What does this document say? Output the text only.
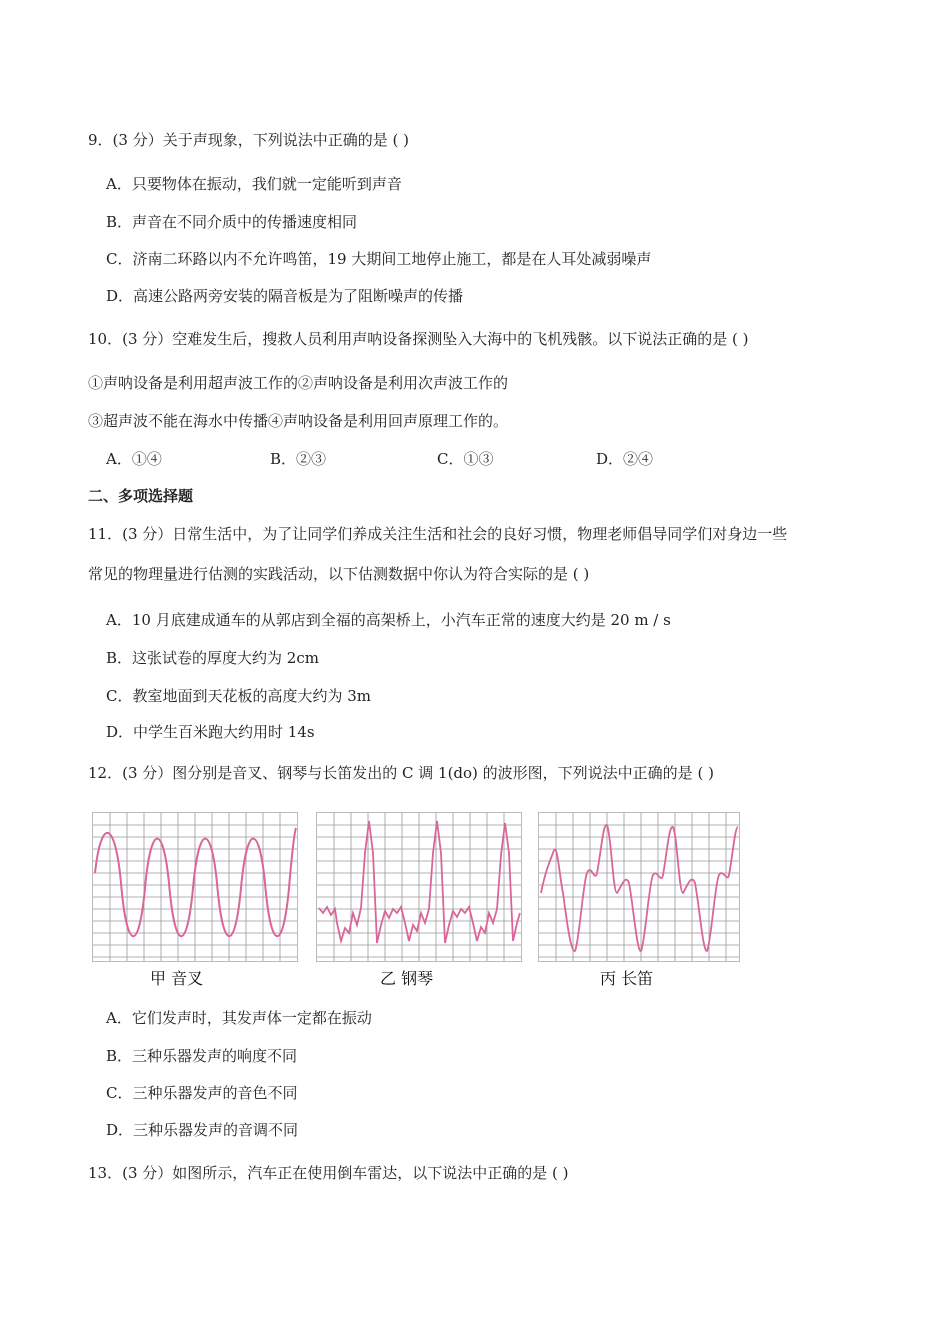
9．(3 分）关于声现象，下列说法中正确的是 ( )
A．只要物体在振动，我们就一定能听到声音
B．声音在不同介质中的传播速度相同
C．济南二环路以内不允许鸣笛，19 大期间工地停止施工，都是在人耳处减弱噪声
D．高速公路两旁安装的隔音板是为了阻断噪声的传播
10．(3 分）空难发生后，搜救人员利用声呐设备探测坠入大海中的飞机残骸。以下说法正确的是 ( )
①声呐设备是利用超声波工作的②声呐设备是利用次声波工作的
③超声波不能在海水中传播④声呐设备是利用回声原理工作的。
A．①④	B．②③	C．①③	D．②④
二、多项选择题
11．(3 分）日常生活中，为了让同学们养成关注生活和社会的良好习惯，物理老师倡导同学们对身边一些
常见的物理量进行估测的实践活动，以下估测数据中你认为符合实际的是 ( )
A．10 月底建成通车的从郭店到全福的高架桥上，小汽车正常的速度大约是 20 m / s
B．这张试卷的厚度大约为 2cm
C．教室地面到天花板的高度大约为 3m
D．中学生百米跑大约用时 14s
12．(3 分）图分别是音叉、钢琴与长笛发出的 C 调 1(do) 的波形图，下列说法中正确的是 ( )
甲 音叉	乙 钢琴	丙 长笛
A．它们发声时，其发声体一定都在振动
B．三种乐器发声的响度不同
C．三种乐器发声的音色不同
D．三种乐器发声的音调不同
13．(3 分）如图所示，汽车正在使用倒车雷达，以下说法中正确的是 ( )
